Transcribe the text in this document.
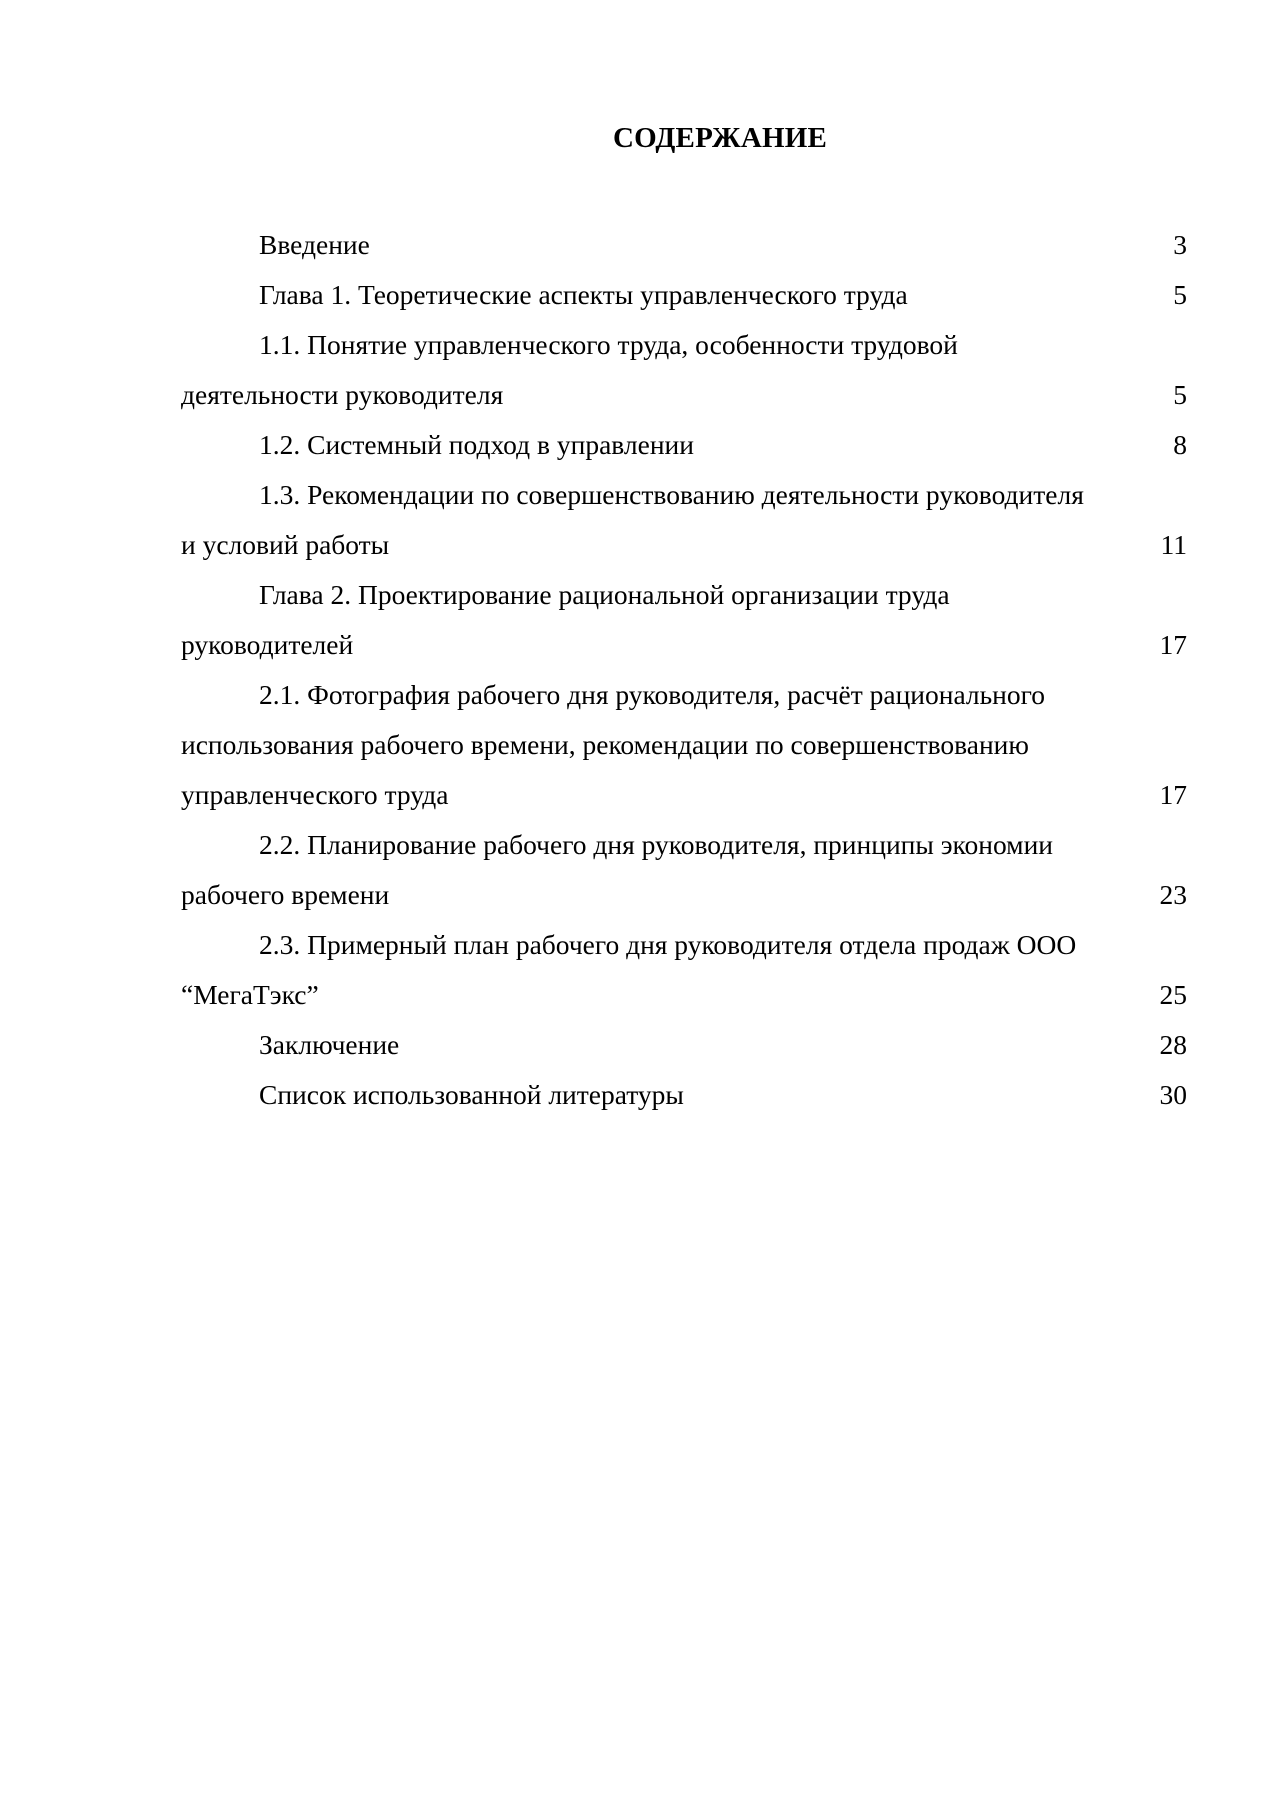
СОДЕРЖАНИЕ
Введение	3
Глава 1. Теоретические аспекты управленческого труда	5
1.1. Понятие управленческого труда, особенности трудовой
деятельности руководителя	5
1.2. Системный подход в управлении	8
1.3. Рекомендации по совершенствованию деятельности руководителя
и условий работы	11
Глава 2. Проектирование рациональной организации труда
руководителей	17
2.1. Фотография рабочего дня руководителя, расчёт рационального
использования рабочего времени, рекомендации по совершенствованию
управленческого труда	17
2.2. Планирование рабочего дня руководителя, принципы экономии
рабочего времени	23
2.3. Примерный план рабочего дня руководителя отдела продаж ООО
“МегаТэкс”	25
Заключение	28
Список использованной литературы	30
